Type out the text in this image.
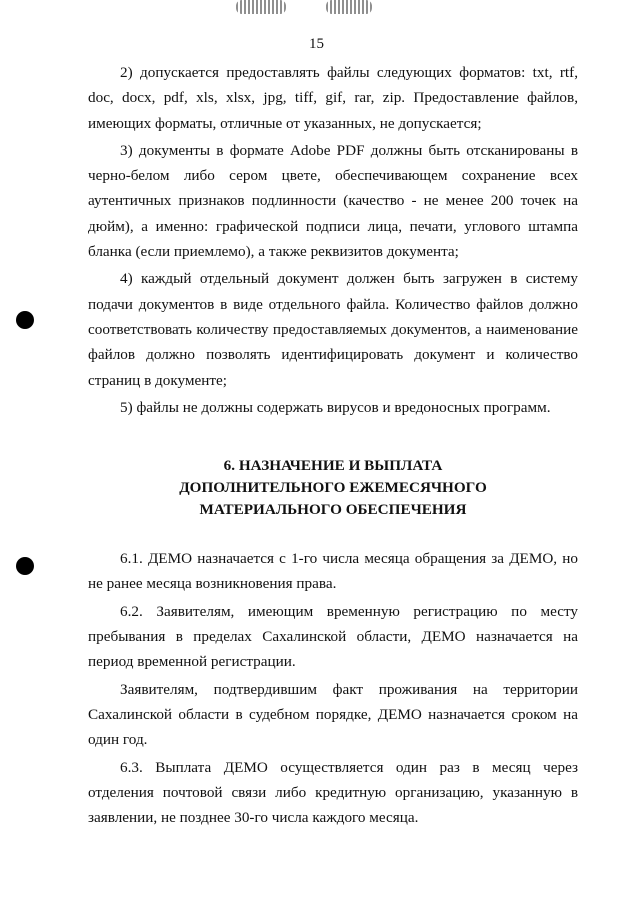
15

2) допускается предоставлять файлы следующих форматов: txt, rtf, doc, docx, pdf, xls, xlsx, jpg, tiff, gif, rar, zip. Предоставление файлов, имеющих форматы, отличные от указанных, не допускается;

3) документы в формате Adobe PDF должны быть отсканированы в черно-белом либо сером цвете, обеспечивающем сохранение всех аутентичных признаков подлинности (качество - не менее 200 точек на дюйм), а именно: графической подписи лица, печати, углового штампа бланка (если приемлемо), а также реквизитов документа;

4) каждый отдельный документ должен быть загружен в систему подачи документов в виде отдельного файла. Количество файлов должно соответствовать количеству предоставляемых документов, а наименование файлов должно позволять идентифицировать документ и количество страниц в документе;

5) файлы не должны содержать вирусов и вредоносных программ.

6. НАЗНАЧЕНИЕ И ВЫПЛАТА
ДОПОЛНИТЕЛЬНОГО ЕЖЕМЕСЯЧНОГО
МАТЕРИАЛЬНОГО ОБЕСПЕЧЕНИЯ

6.1. ДЕМО назначается с 1-го числа месяца обращения за ДЕМО, но не ранее месяца возникновения права.

6.2. Заявителям, имеющим временную регистрацию по месту пребывания в пределах Сахалинской области, ДЕМО назначается на период временной регистрации.

Заявителям, подтвердившим факт проживания на территории Сахалинской области в судебном порядке, ДЕМО назначается сроком на один год.

6.3. Выплата ДЕМО осуществляется один раз в месяц через отделения почтовой связи либо кредитную организацию, указанную в заявлении, не позднее 30-го числа каждого месяца.
